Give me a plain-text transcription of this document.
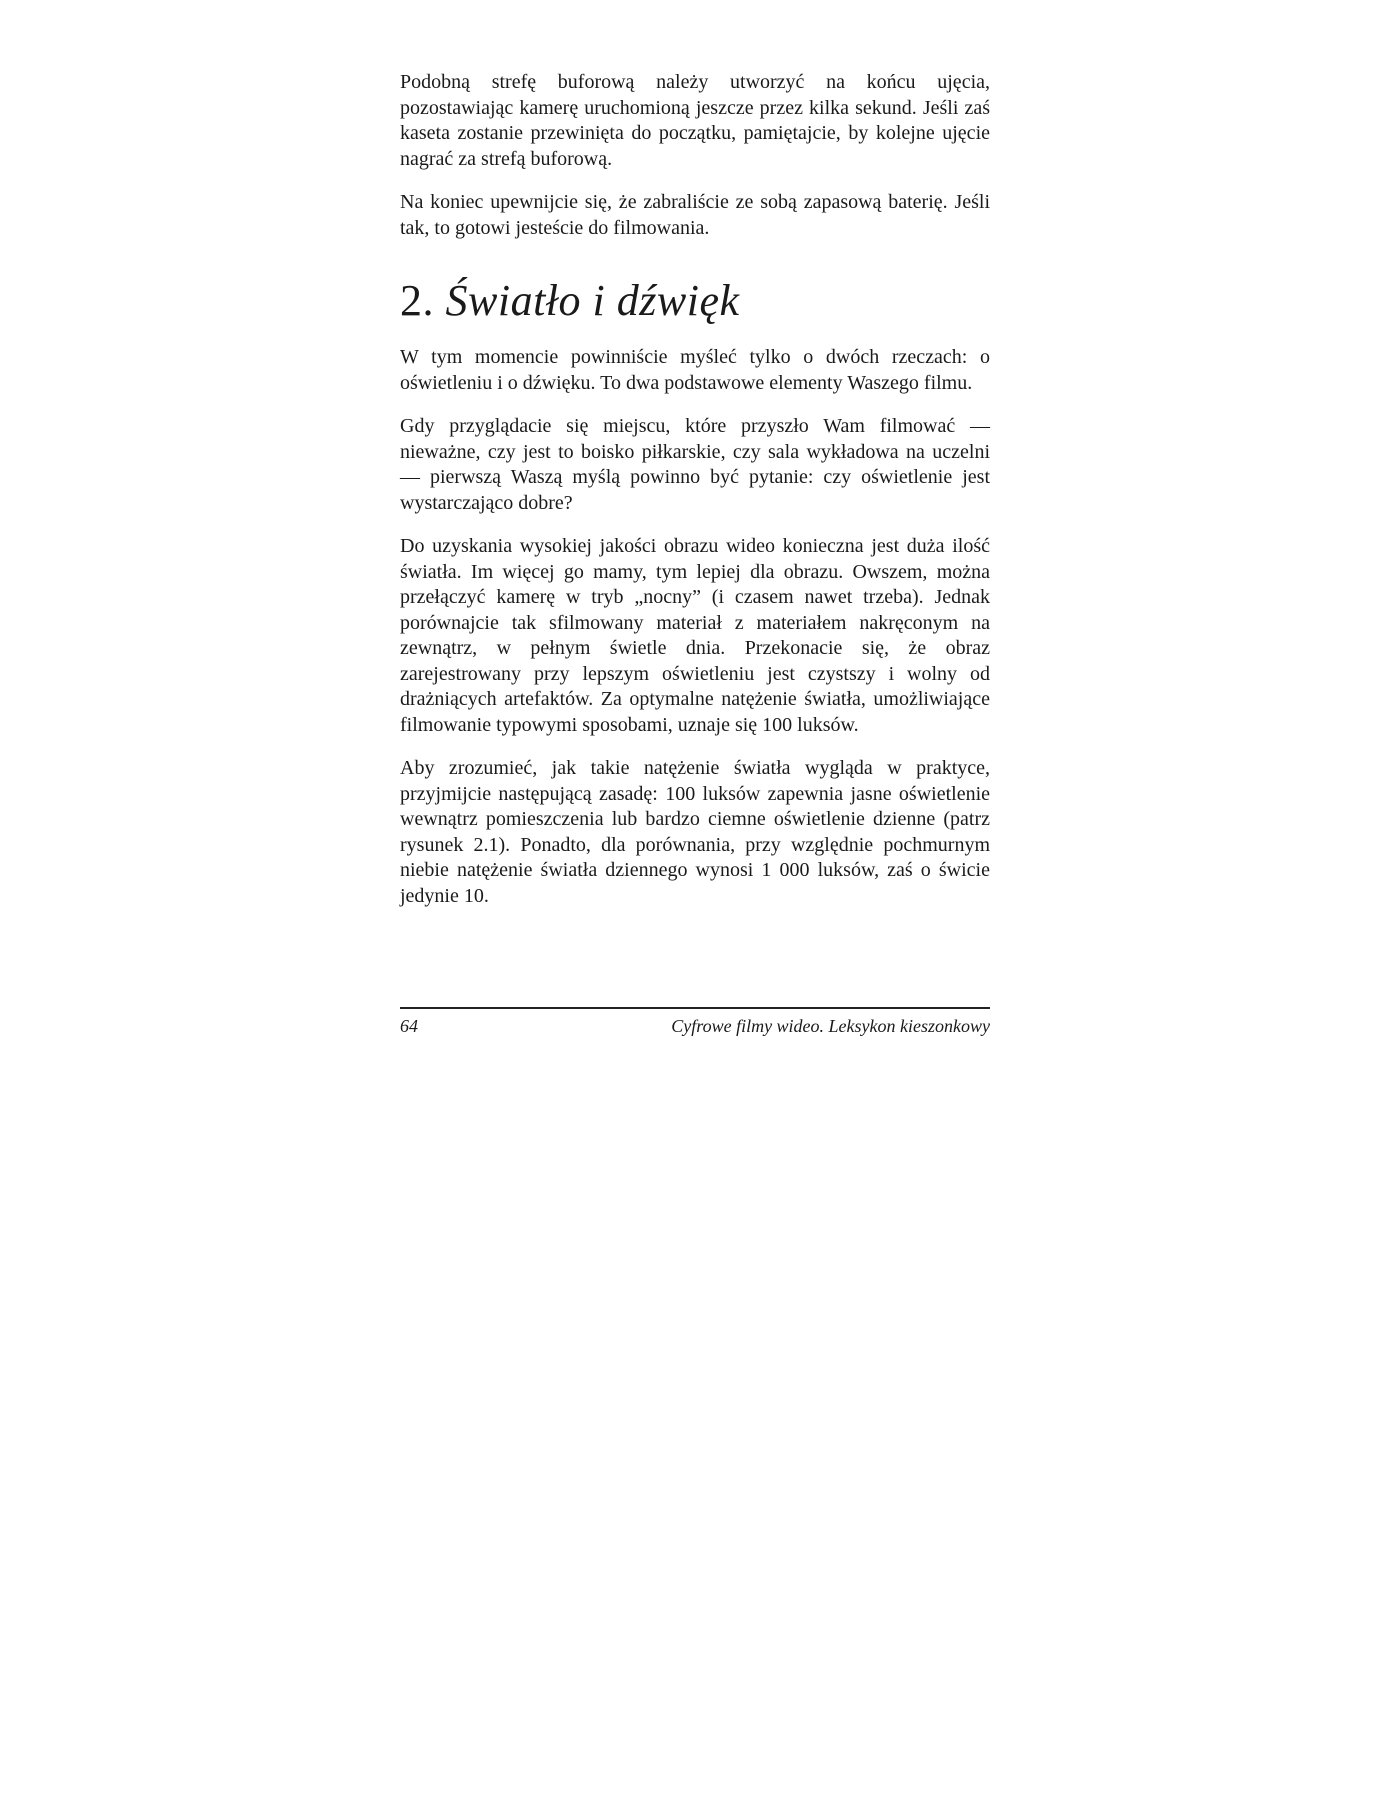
Podobną strefę buforową należy utworzyć na końcu ujęcia, pozostawiając kamerę uruchomioną jeszcze przez kilka sekund. Jeśli zaś kaseta zostanie przewinięta do początku, pamiętajcie, by kolejne ujęcie nagrać za strefą buforową.

Na koniec upewnijcie się, że zabraliście ze sobą zapasową baterię. Jeśli tak, to gotowi jesteście do filmowania.

2. Światło i dźwięk

W tym momencie powinniście myśleć tylko o dwóch rzeczach: o oświetleniu i o dźwięku. To dwa podstawowe elementy Waszego filmu.

Gdy przyglądacie się miejscu, które przyszło Wam filmować — nieważne, czy jest to boisko piłkarskie, czy sala wykładowa na uczelni — pierwszą Waszą myślą powinno być pytanie: czy oświetlenie jest wystarczająco dobre?

Do uzyskania wysokiej jakości obrazu wideo konieczna jest duża ilość światła. Im więcej go mamy, tym lepiej dla obrazu. Owszem, można przełączyć kamerę w tryb „nocny” (i czasem nawet trzeba). Jednak porównajcie tak sfilmowany materiał z materiałem nakręconym na zewnątrz, w pełnym świetle dnia. Przekonacie się, że obraz zarejestrowany przy lepszym oświetleniu jest czystszy i wolny od drażniących artefaktów. Za optymalne natężenie światła, umożliwiające filmowanie typowymi sposobami, uznaje się 100 luksów.

Aby zrozumieć, jak takie natężenie światła wygląda w praktyce, przyjmijcie następującą zasadę: 100 luksów zapewnia jasne oświetlenie wewnątrz pomieszczenia lub bardzo ciemne oświetlenie dzienne (patrz rysunek 2.1). Ponadto, dla porównania, przy względnie pochmurnym niebie natężenie światła dziennego wynosi 1 000 luksów, zaś o świcie jedynie 10.

64	Cyfrowe filmy wideo. Leksykon kieszonkowy
